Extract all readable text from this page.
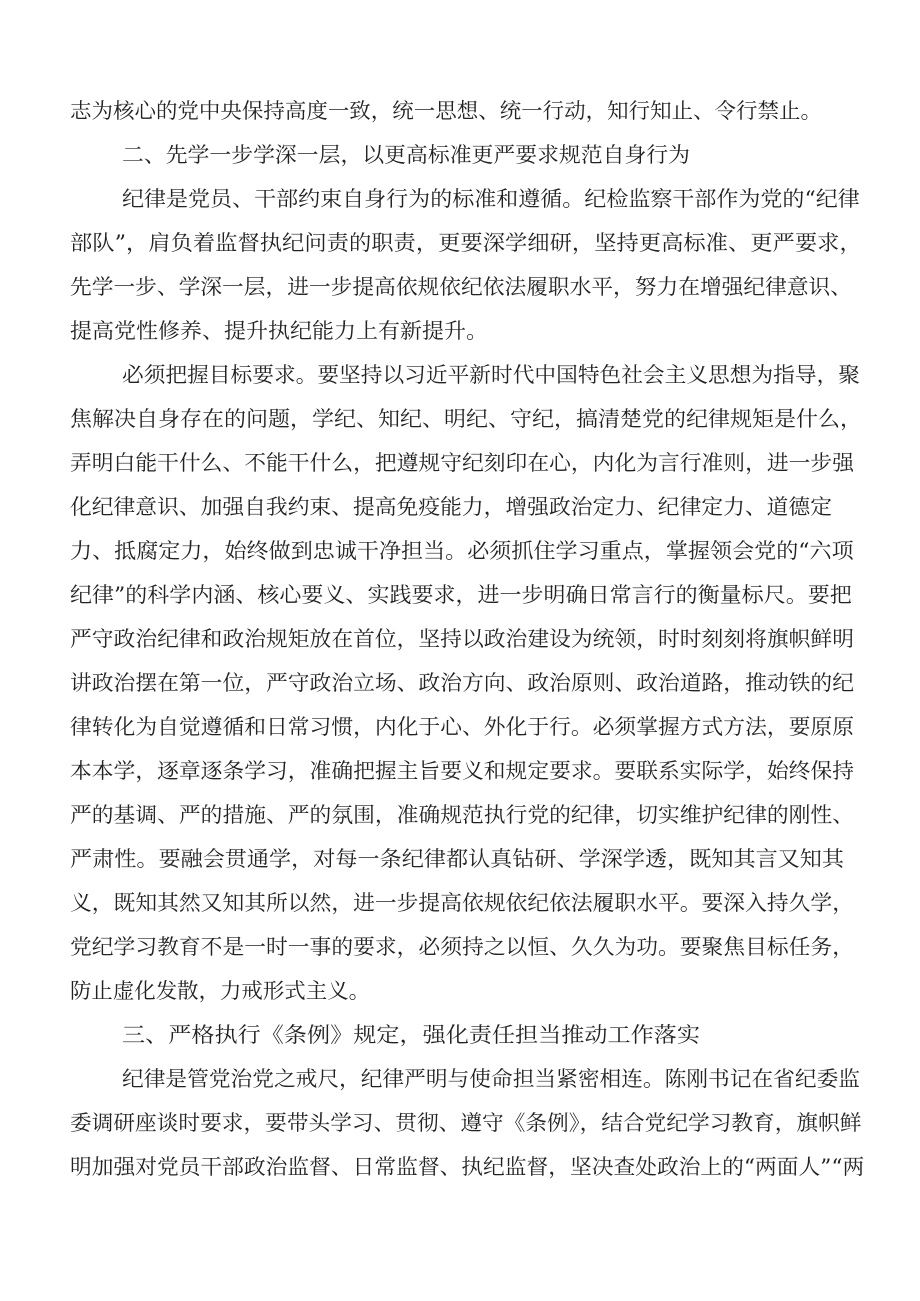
志为核心的党中央保持高度一致，统一思想、统一行动，知行知止、令行禁止。
二、先学一步学深一层，以更高标准更严要求规范自身行为
纪律是党员、干部约束自身行为的标准和遵循。纪检监察干部作为党的“纪律
部队”，肩负着监督执纪问责的职责，更要深学细研，坚持更高标准、更严要求，
先学一步、学深一层，进一步提高依规依纪依法履职水平，努力在增强纪律意识、
提高党性修养、提升执纪能力上有新提升。
必须把握目标要求。要坚持以习近平新时代中国特色社会主义思想为指导，聚
焦解决自身存在的问题，学纪、知纪、明纪、守纪，搞清楚党的纪律规矩是什么，
弄明白能干什么、不能干什么，把遵规守纪刻印在心，内化为言行准则，进一步强
化纪律意识、加强自我约束、提高免疫能力，增强政治定力、纪律定力、道德定
力、抵腐定力，始终做到忠诚干净担当。必须抓住学习重点，掌握领会党的“六项
纪律”的科学内涵、核心要义、实践要求，进一步明确日常言行的衡量标尺。要把
严守政治纪律和政治规矩放在首位，坚持以政治建设为统领，时时刻刻将旗帜鲜明
讲政治摆在第一位，严守政治立场、政治方向、政治原则、政治道路，推动铁的纪
律转化为自觉遵循和日常习惯，内化于心、外化于行。必须掌握方式方法，要原原
本本学，逐章逐条学习，准确把握主旨要义和规定要求。要联系实际学，始终保持
严的基调、严的措施、严的氛围，准确规范执行党的纪律，切实维护纪律的刚性、
严肃性。要融会贯通学，对每一条纪律都认真钻研、学深学透，既知其言又知其
义，既知其然又知其所以然，进一步提高依规依纪依法履职水平。要深入持久学，
党纪学习教育不是一时一事的要求，必须持之以恒、久久为功。要聚焦目标任务，
防止虚化发散，力戒形式主义。
三、严格执行《条例》规定，强化责任担当推动工作落实
纪律是管党治党之戒尺，纪律严明与使命担当紧密相连。陈刚书记在省纪委监
委调研座谈时要求，要带头学习、贯彻、遵守《条例》，结合党纪学习教育，旗帜鲜
明加强对党员干部政治监督、日常监督、执纪监督，坚决查处政治上的“两面人”“两
